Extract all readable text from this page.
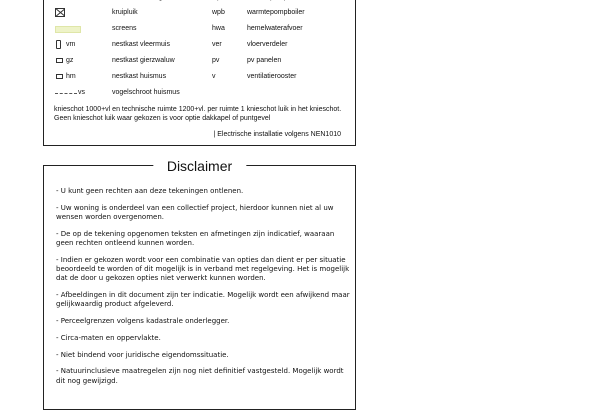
kruipluik	wpb	warmtepompboiler
screens	hwa	hemelwaterafvoer
vm	nestkast vleermuis	ver	vloerverdeler
gz	nestkast gierzwaluw	pv	pv panelen
hm	nestkast huismus	v	ventilatierooster
vs	vogelschroot huismus
knieschot 1000+vl en technische ruimte 1200+vl. per ruimte 1 knieschot luik in het knieschot. Geen knieschot luik waar gekozen is voor optie dakkapel of puntgevel
| Electrische installatie volgens NEN1010
Disclaimer
- U kunt geen rechten aan deze tekeningen ontlenen.
- Uw woning is onderdeel van een collectief project, hierdoor kunnen niet al uw wensen worden overgenomen.
- De op de tekening opgenomen teksten en afmetingen zijn indicatief, waaraan geen rechten ontleend kunnen worden.
- Indien er gekozen wordt voor een combinatie van opties dan dient er per situatie beoordeeld te worden of dit mogelijk is in verband met regelgeving. Het is mogelijk dat de door u gekozen opties niet verwerkt kunnen worden.
- Afbeeldingen in dit document zijn ter indicatie. Mogelijk wordt een afwijkend maar gelijkwaardig product afgeleverd.
- Perceelgrenzen volgens kadastrale onderlegger.
- Circa-maten en oppervlakte.
- Niet bindend voor juridische eigendomssituatie.
- Natuurinclusieve maatregelen zijn nog niet definitief vastgesteld. Mogelijk wordt dit nog gewijzigd.
